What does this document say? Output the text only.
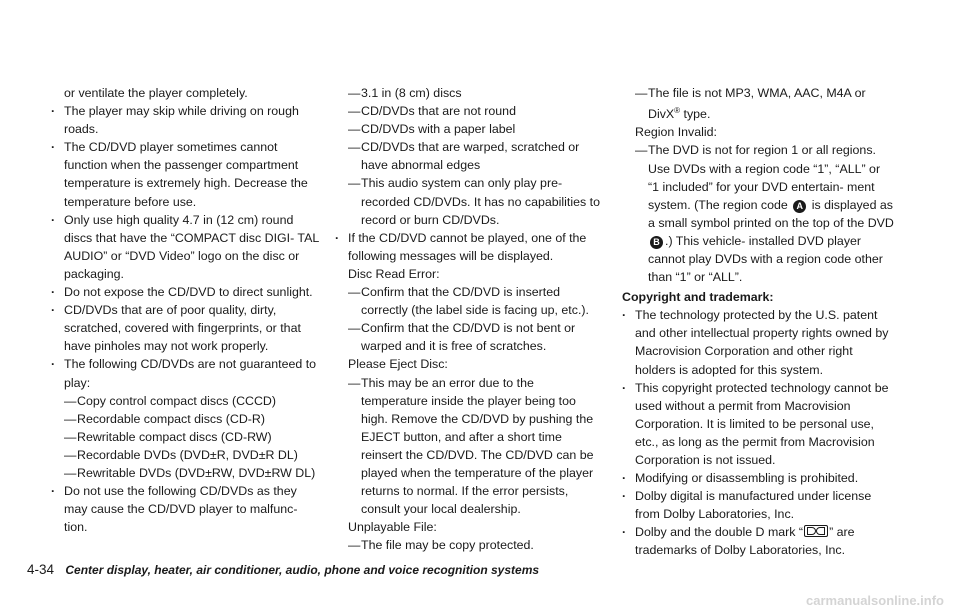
or ventilate the player completely.
. The player may skip while driving on rough roads.
. The CD/DVD player sometimes cannot function when the passenger compartment temperature is extremely high. Decrease the temperature before use.
. Only use high quality 4.7 in (12 cm) round discs that have the “COMPACT disc DIGI- TAL AUDIO” or “DVD Video” logo on the disc or packaging.
. Do not expose the CD/DVD to direct sunlight.
. CD/DVDs that are of poor quality, dirty, scratched, covered with fingerprints, or that have pinholes may not work properly.
. The following CD/DVDs are not guaranteed to play:
— Copy control compact discs (CCCD)
— Recordable compact discs (CD-R)
— Rewritable compact discs (CD-RW)
— Recordable DVDs (DVD±R, DVD±R DL)
— Rewritable DVDs (DVD±RW, DVD±RW DL)
. Do not use the following CD/DVDs as they may cause the CD/DVD player to malfunc- tion.
— 3.1 in (8 cm) discs
— CD/DVDs that are not round
— CD/DVDs with a paper label
— CD/DVDs that are warped, scratched or have abnormal edges
— This audio system can only play pre- recorded CD/DVDs. It has no capabilities to record or burn CD/DVDs.
. If the CD/DVD cannot be played, one of the following messages will be displayed.
Disc Read Error:
— Confirm that the CD/DVD is inserted correctly (the label side is facing up, etc.).
— Confirm that the CD/DVD is not bent or warped and it is free of scratches.
Please Eject Disc:
— This may be an error due to the temperature inside the player being too high. Remove the CD/DVD by pushing the EJECT button, and after a short time reinsert the CD/DVD. The CD/DVD can be played when the temperature of the player returns to normal. If the error persists, consult your local dealership.
Unplayable File:
— The file may be copy protected.
— The file is not MP3, WMA, AAC, M4A or DivX® type.
Region Invalid:
— The DVD is not for region 1 or all regions. Use DVDs with a region code “1”, “ALL” or “1 included” for your DVD entertain- ment system. (The region code A is displayed as a small symbol printed on the top of the DVD B .) This vehicle- installed DVD player cannot play DVDs with a region code other than “1” or “ALL”.
Copyright and trademark:
. The technology protected by the U.S. patent and other intellectual property rights owned by Macrovision Corporation and other right holders is adopted for this system.
. This copyright protected technology cannot be used without a permit from Macrovision Corporation. It is limited to be personal use, etc., as long as the permit from Macrovision Corporation is not issued.
. Modifying or disassembling is prohibited.
. Dolby digital is manufactured under license from Dolby Laboratories, Inc.
. Dolby and the double D mark “ ” are trademarks of Dolby Laboratories, Inc.
4-34 Center display, heater, air conditioner, audio, phone and voice recognition systems
carmanualsonline.info
